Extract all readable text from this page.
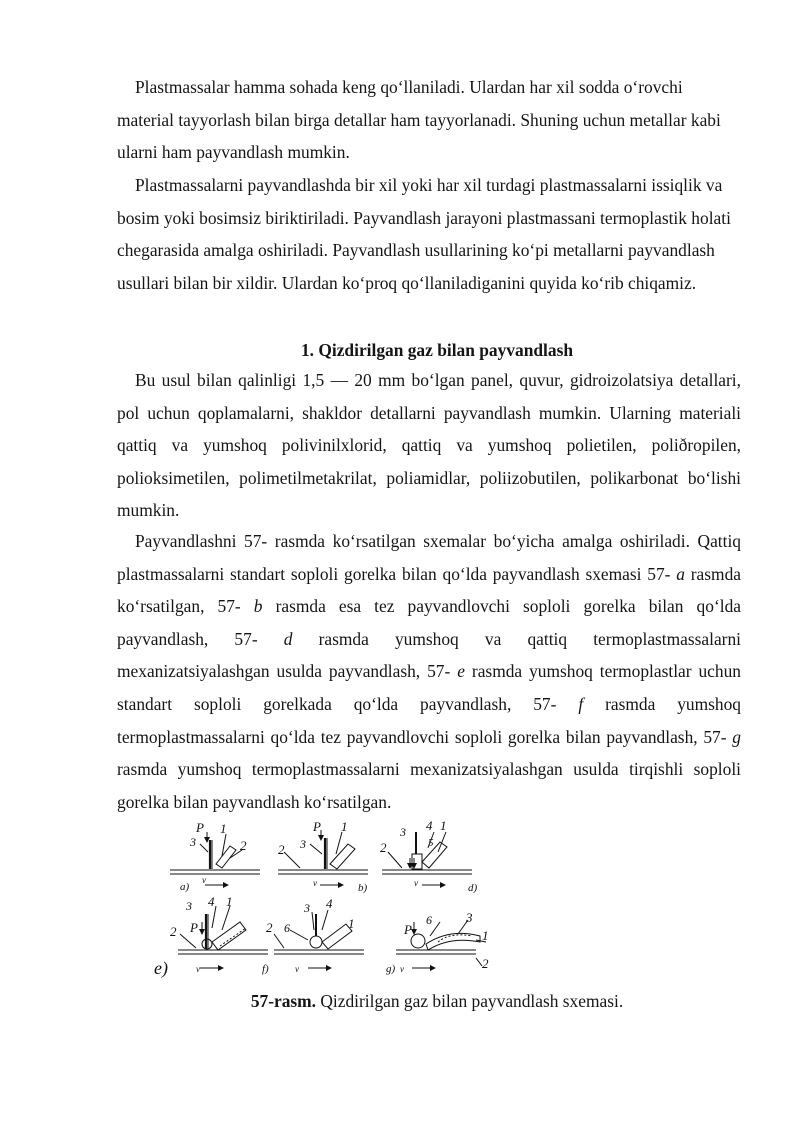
Plastmassalar hamma sohada keng qo‘llaniladi. Ulardan har xil sodda o‘rovchi material tayyorlash bilan birga detallar ham tayyorlanadi. Shuning uchun metallar kabi ularni ham payvandlash mumkin.

Plastmassalarni payvandlashda bir xil yoki har xil turdagi plastmassalarni issiqlik va bosim yoki bosimsiz biriktiriladi. Payvandlash jarayoni plastmassani termoplastik holati chegarasida amalga oshiriladi. Payvandlash usullarining ko‘pi metallarni payvandlash usullari bilan bir xildir. Ulardan ko‘proq qo‘llaniladiganini quyida ko‘rib chiqamiz.

1. Qizdirilgan gaz bilan payvandlash

Bu usul bilan qalinligi 1,5 — 20 mm bo‘lgan panel, quvur, gidroizolatsiya detallari, pol uchun qoplamalarni, shakldor detallarni payvandlash mumkin. Ularning materiali qattiq va yumshoq polivinilxlorid, qattiq va yumshoq polietilen, poliðropilen, polioksimetilen, polimetilmetakrilat, poliamidlar, poliizobutilen, polikarbonat bo‘lishi mumkin.

Payvandlashni 57- rasmda ko‘rsatilgan sxemalar bo‘yicha amalga oshiriladi. Qattiq plastmassalarni standart soploli gorelka bilan qo‘lda payvandlash sxemasi 57- a rasmda ko‘rsatilgan, 57- b rasmda esa tez payvandlovchi soploli gorelka bilan qo‘lda payvandlash, 57- d rasmda yumshoq va qattiq termoplastmassalarni mexanizatsiyalashgan usulda payvandlash, 57- e rasmda yumshoq termoplastlar uchun standart soploli gorelkada qo‘lda payvandlash, 57- f rasmda yumshoq termoplastmassalarni qo‘lda tez payvandlovchi soploli gorelka bilan payvandlash, 57- g rasmda yumshoq termoplastmassalarni mexanizatsiyalashgan usulda tirqishli soploli gorelka bilan payvandlash ko‘rsatilgan.

P 1
3	2
a)
v
P 1
3
2
b)
v
3 4 1
5
2
d)
v
3 4 1
P
2
v
3 4
1
6
2
f)	v
P
6	3
1
2
g) v
e)

57-rasm. Qizdirilgan gaz bilan payvandlash sxemasi.
